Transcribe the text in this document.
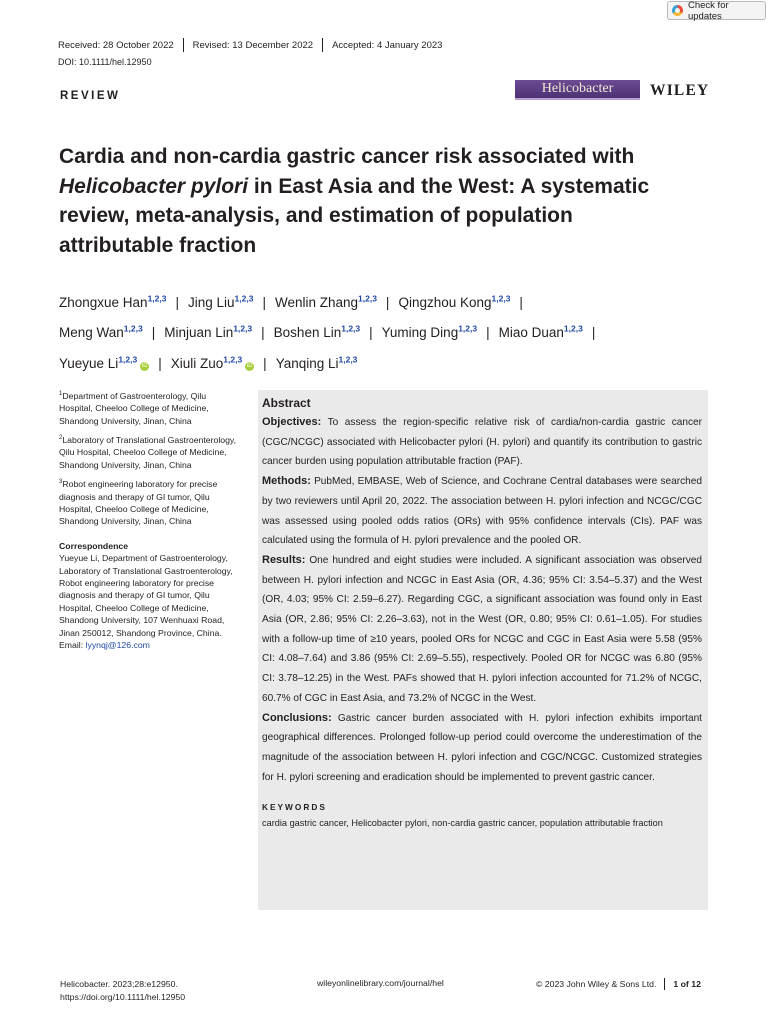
Check for updates
Received: 28 October 2022 Revised: 13 December 2022 Accepted: 4 January 2023
DOI: 10.1111/hel.12950
REVIEW	Helicobacter	WILEY
Cardia and non-cardia gastric cancer risk associated with Helicobacter pylori in East Asia and the West: A systematic review, meta-analysis, and estimation of population attributable fraction
Zhongxue Han$^{1,2,3}$ | Jing Liu$^{1,2,3}$ | Wenlin Zhang$^{1,2,3}$ | Qingzhou Kong$^{1,2,3}$ |
Meng Wan$^{1,2,3}$ | Minjuan Lin$^{1,2,3}$ | Boshen Lin$^{1,2,3}$ | Yuming Ding$^{1,2,3}$ | Miao Duan$^{1,2,3}$ |
Yueyue Li$^{1,2,3}$iD | Xiuli Zuo$^{1,2,3}$iD | Yanqing Li$^{1,2,3}$
$^1$Department of Gastroenterology, Qilu Hospital, Cheeloo College of Medicine, Shandong University, Jinan, China
$^2$Laboratory of Translational Gastroenterology, Qilu Hospital, Cheeloo College of Medicine, Shandong University, Jinan, China
$^3$Robot engineering laboratory for precise diagnosis and therapy of GI tumor, Qilu Hospital, Cheeloo College of Medicine, Shandong University, Jinan, China
Correspondence
Yueyue Li, Department of Gastroenterology, Laboratory of Translational Gastroenterology, Robot engineering laboratory for precise diagnosis and therapy of GI tumor, Qilu Hospital, Cheeloo College of Medicine, Shandong University, 107 Wenhuaxi Road, Jinan 250012, Shandong Province, China.
Email: lyynqj@126.com
Abstract

Objectives: To assess the region-specific relative risk of cardia/non-cardia gastric cancer (CGC/NCGC) associated with Helicobacter pylori (H. pylori) and quantify its contribution to gastric cancer burden using population attributable fraction (PAF).

Methods: PubMed, EMBASE, Web of Science, and Cochrane Central databases were searched by two reviewers until April 20, 2022. The association between H. pylori infection and NCGC/CGC was assessed using pooled odds ratios (ORs) with 95% confidence intervals (CIs). PAF was calculated using the formula of H. pylori prevalence and the pooled OR.

Results: One hundred and eight studies were included. A significant association was observed between H. pylori infection and NCGC in East Asia (OR, 4.36; 95% CI: 3.54–5.37) and the West (OR, 4.03; 95% CI: 2.59–6.27). Regarding CGC, a significant association was found only in East Asia (OR, 2.86; 95% CI: 2.26–3.63), not in the West (OR, 0.80; 95% CI: 0.61–1.05). For studies with a follow-up time of ≥10 years, pooled ORs for NCGC and CGC in East Asia were 5.58 (95% CI: 4.08–7.64) and 3.86 (95% CI: 2.69–5.55), respectively. Pooled OR for NCGC was 6.80 (95% CI: 3.78–12.25) in the West. PAFs showed that H. pylori infection accounted for 71.2% of NCGC, 60.7% of CGC in East Asia, and 73.2% of NCGC in the West.

Conclusions: Gastric cancer burden associated with H. pylori infection exhibits important geographical differences. Prolonged follow-up period could overcome the underestimation of the magnitude of the association between H. pylori infection and CGC/NCGC. Customized strategies for H. pylori screening and eradication should be implemented to prevent gastric cancer.

KEYWORDS
cardia gastric cancer, Helicobacter pylori, non-cardia gastric cancer, population attributable fraction
Helicobacter. 2023;28:e12950.
https://doi.org/10.1111/hel.12950
wileyonlinelibrary.com/journal/hel	© 2023 John Wiley & Sons Ltd. 1 of 12
